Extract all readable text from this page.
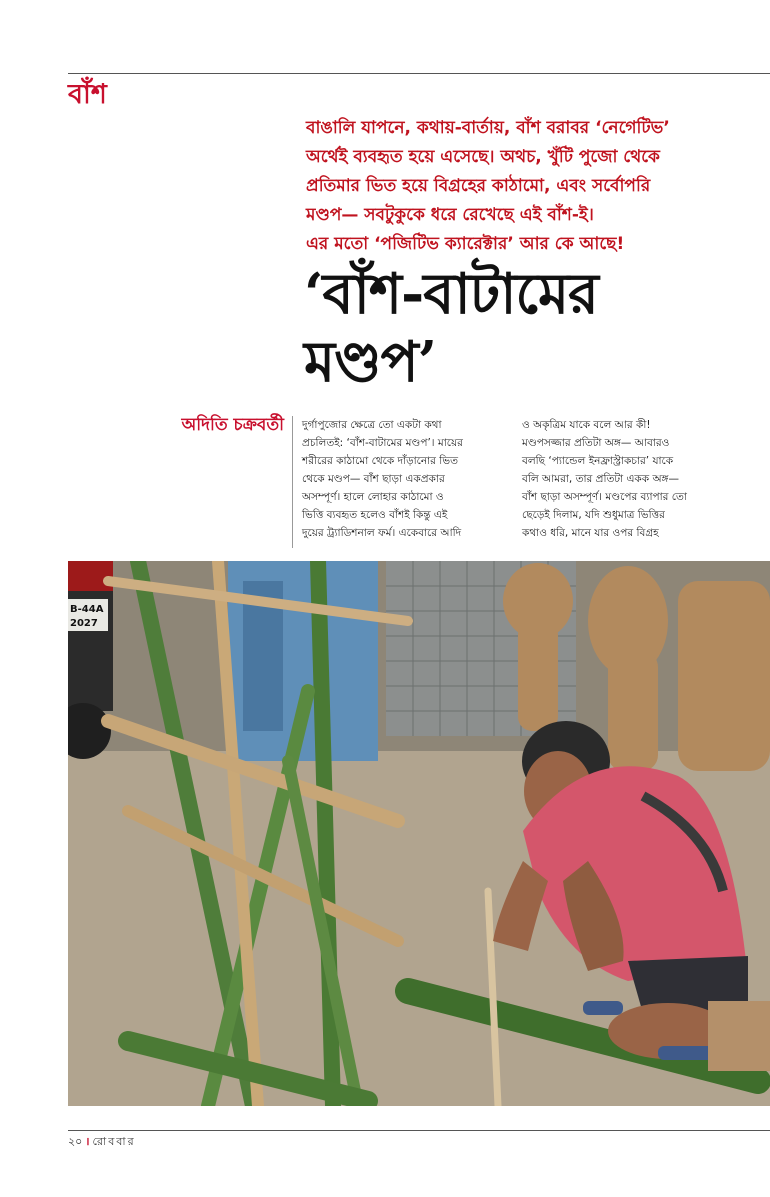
বাঁশ

বাঙালি যাপনে, কথায়-বার্তায়, বাঁশ বরাবর ‘নেগেটিভ’
অর্থেই ব্যবহৃত হয়ে এসেছে। অথচ, খুঁটি পুজো থেকে
প্রতিমার ভিত হয়ে বিগ্রহের কাঠামো, এবং সর্বোপরি
মণ্ডপ— সবটুকুকে ধরে রেখেছে এই বাঁশ-ই।
এর মতো ‘পজিটিভ ক্যারেক্টার’ আর কে আছে!

‘বাঁশ-বাটামের
মণ্ডপ’
অদিতি চক্রবর্তী দুর্গাপুজোর ক্ষেত্রে তো একটা কথা
প্রচলিতই: ‘বাঁশ-বাটামের মণ্ডপ’। মায়ের
শরীরের কাঠামো থেকে দাঁড়ানোর ভিত
থেকে মণ্ডপ— বাঁশ ছাড়া একপ্রকার
অসম্পূর্ণ। হালে লোহার কাঠামো ও
ভিত্তি ব্যবহৃত হলেও বাঁশই কিন্তু এই
দুয়ের ট্র্যাডিশনাল ফর্ম। একেবারে আদি
ও অকৃত্রিম যাকে বলে আর কী!
মণ্ডপসজ্জার প্রতিটা অঙ্গ— আবারও
বলছি ‘প্যান্ডেল ইনফ্রাস্ট্রাকচার’ যাকে
বলি আমরা, তার প্রতিটা একক অঙ্গ—
বাঁশ ছাড়া অসম্পূর্ণ। মণ্ডপের ব্যাপার তো
ছেড়েই দিলাম, যদি শুধুমাত্র ভিত্তির
কথাও ধরি, মানে যার ওপর বিগ্রহ
B-44A
2027
২০ । রোববার
